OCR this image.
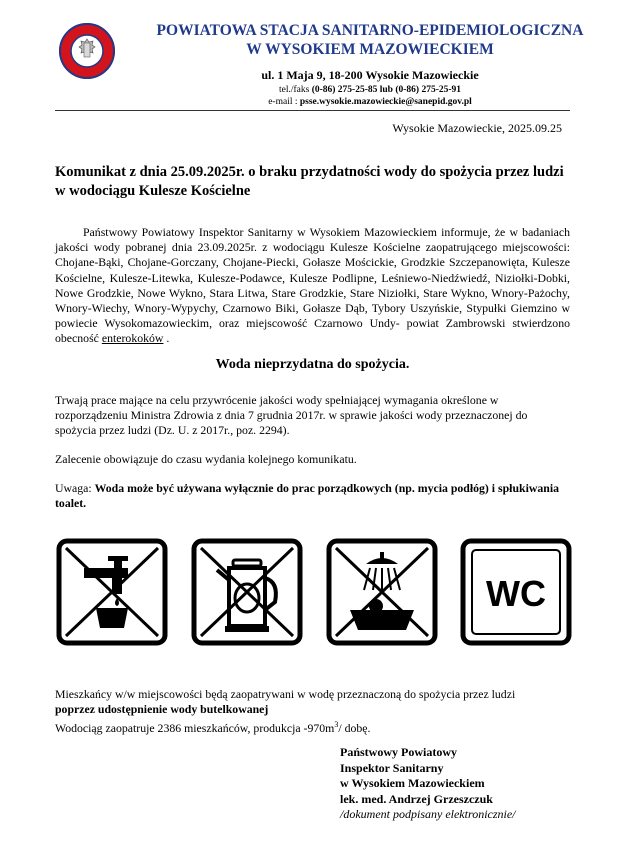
POWIATOWA STACJA SANITARNO-EPIDEMIOLOGICZNA
W WYSOKIEM MAZOWIECKIEM
ul. 1 Maja 9, 18-200 Wysokie Mazowieckie
tel./faks (0-86) 275-25-85 lub (0-86) 275-25-91
e-mail : psse.wysokie.mazowieckie@sanepid.gov.pl
Wysokie Mazowieckie, 2025.09.25
Komunikat z dnia 25.09.2025r. o braku przydatności wody do spożycia przez ludzi w wodociągu Kulesze Kościelne
Państwowy Powiatowy Inspektor Sanitarny w Wysokiem Mazowieckiem informuje, że w badaniach jakości wody pobranej dnia 23.09.2025r. z wodociągu Kulesze Kościelne zaopatrującego miejscowości: Chojane-Bąki, Chojane-Gorczany, Chojane-Piecki, Gołasze Mościckie, Grodzkie Szczepanowięta, Kulesze Kościelne, Kulesze-Litewka, Kulesze-Podawce, Kulesze Podlipne, Leśniewo-Niedźwiedź, Niziołki-Dobki, Nowe Grodzkie, Nowe Wykno, Stara Litwa, Stare Grodzkie, Stare Niziołki, Stare Wykno, Wnory-Pażochy, Wnory-Wiechy, Wnory-Wypychy, Czarnowo Biki, Gołasze Dąb, Tybory Uszyńskie, Stypułki Giemzino w powiecie Wysokomazowieckim, oraz miejscowość Czarnowo Undy- powiat Zambrowski stwierdzono obecność enterokoków .
Woda nieprzydatna do spożycia.
Trwają prace mające na celu przywrócenie jakości wody spełniającej wymagania określone w rozporządzeniu Ministra Zdrowia z dnia 7 grudnia 2017r. w sprawie jakości wody przeznaczonej do spożycia przez ludzi (Dz. U. z 2017r., poz. 2294).
Zalecenie obowiązuje do czasu wydania kolejnego komunikatu.
Uwaga: Woda może być używana wyłącznie do prac porządkowych (np. mycia podłóg) i spłukiwania toalet.
WC
Mieszkańcy w/w miejscowości będą zaopatrywani w wodę przeznaczoną do spożycia przez ludzi
poprzez udostępnienie wody butelkowanej
Wodociąg zaopatruje 2386 mieszkańców, produkcja $-970m^3/$ dobę.
Państwowy Powiatowy
Inspektor Sanitarny
w Wysokiem Mazowieckiem
lek. med. Andrzej Grzeszczuk
/dokument podpisany elektronicznie/
